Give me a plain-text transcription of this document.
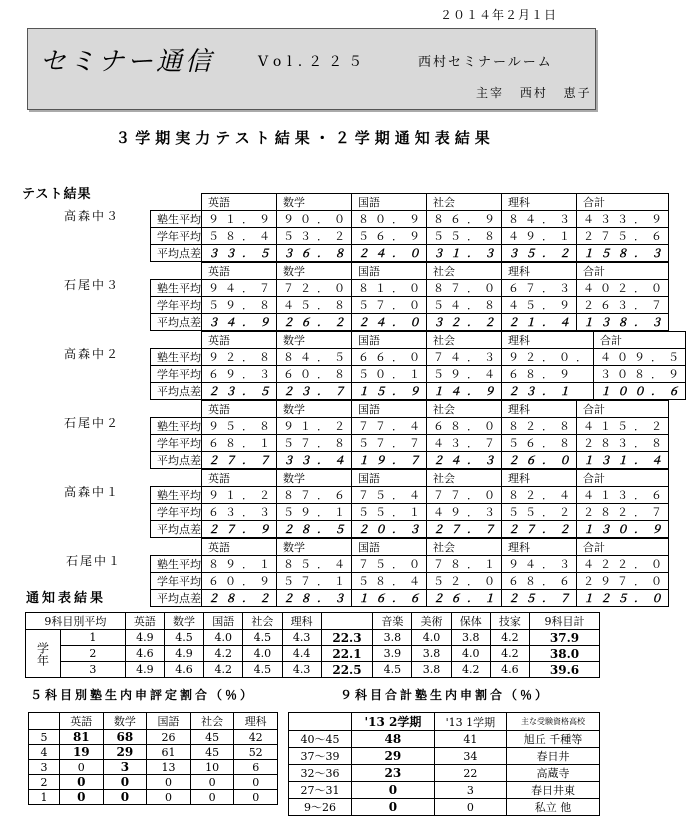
２０１４年２月１日
セミナー通信	Vol.２２５	西村セミナールーム
主宰 西村 恵子
３学期実力テスト結果・２学期通知表結果
テスト結果
高森中３
	英語	数学	国語	社会	理科	合計
塾生平均	９１．９	９０．０	８０．９	８６．９	８４．３	４３３．９
学年平均	５８．４	５３．２	５６．９	５５．８	４９．１	２７５．６
平均点差	３３．５	３６．８	２４．０	３１．３	３５．２	１５８．３
石尾中３
	英語	数学	国語	社会	理科	合計
塾生平均	９４．７	７２．０	８１．０	８７．０	６７．３	４０２．０
学年平均	５９．８	４５．８	５７．０	５４．８	４５．９	２６３．７
平均点差	３４．９	２６．２	２４．０	３２．２	２１．４	１３８．３
高森中２
	英語	数学	国語	社会	理科	合計
塾生平均	９２．８	８４．５	６６．０	７４．３	９２．０．	４０９．５
学年平均	６９．３	６０．８	５０．１	５９．４	６８．９	３０８．９
平均点差	２３．５	２３．７	１５．９	１４．９	２３．１	１００．６
石尾中２
	英語	数学	国語	社会	理科	合計
塾生平均	９５．８	９１．２	７７．４	６８．０	８２．８	４１５．２
学年平均	６８．１	５７．８	５７．７	４３．７	５６．８	２８３．８
平均点差	２７．７	３３．４	１９．７	２４．３	２６．０	１３１．４
高森中１
	英語	数学	国語	社会	理科	合計
塾生平均	９１．２	８７．６	７５．４	７７．０	８２．４	４１３．６
学年平均	６３．３	５９．１	５５．１	４９．３	５５．２	２８２．７
平均点差	２７．９	２８．５	２０．３	２７．７	２７．２	１３０．９
石尾中１
	英語	数学	国語	社会	理科	合計
塾生平均	８９．１	８５．４	７５．０	７８．１	９４．３	４２２．０
学年平均	６０．９	５７．１	５８．４	５２．０	６８．６	２９７．０
平均点差	２８．２	２８．３	１６．６	２６．１	２５．７	１２５．０
通知表結果
9科目別平均		英語	数学	国語	社会	理科		音楽	美術	保体	技家	9科目計
学年	1	4.9	4.5	4.0	4.5	4.3	22.3	3.8	4.0	3.8	4.2	37.9
	2	4.6	4.9	4.2	4.0	4.4	22.1	3.9	3.8	4.0	4.2	38.0
	3	4.9	4.6	4.2	4.5	4.3	22.5	4.5	3.8	4.2	4.6	39.6
５科目別塾生内申評定割合（％）	９科目合計塾生内申割合（％）
	英語	数学	国語	社会	理科
5	81	68	26	45	42
4	19	29	61	45	52
3	0	3	13	10	6
2	0	0	0	0	0
1	0	0	0	0	0
	'13 2学期	'13 1学期	主な受験資格高校
40～45	48	41	旭丘 千種等
37～39	29	34	春日井
32～36	23	22	高蔵寺
27～31	0	3	春日井東
9～26	0	0	私立 他
